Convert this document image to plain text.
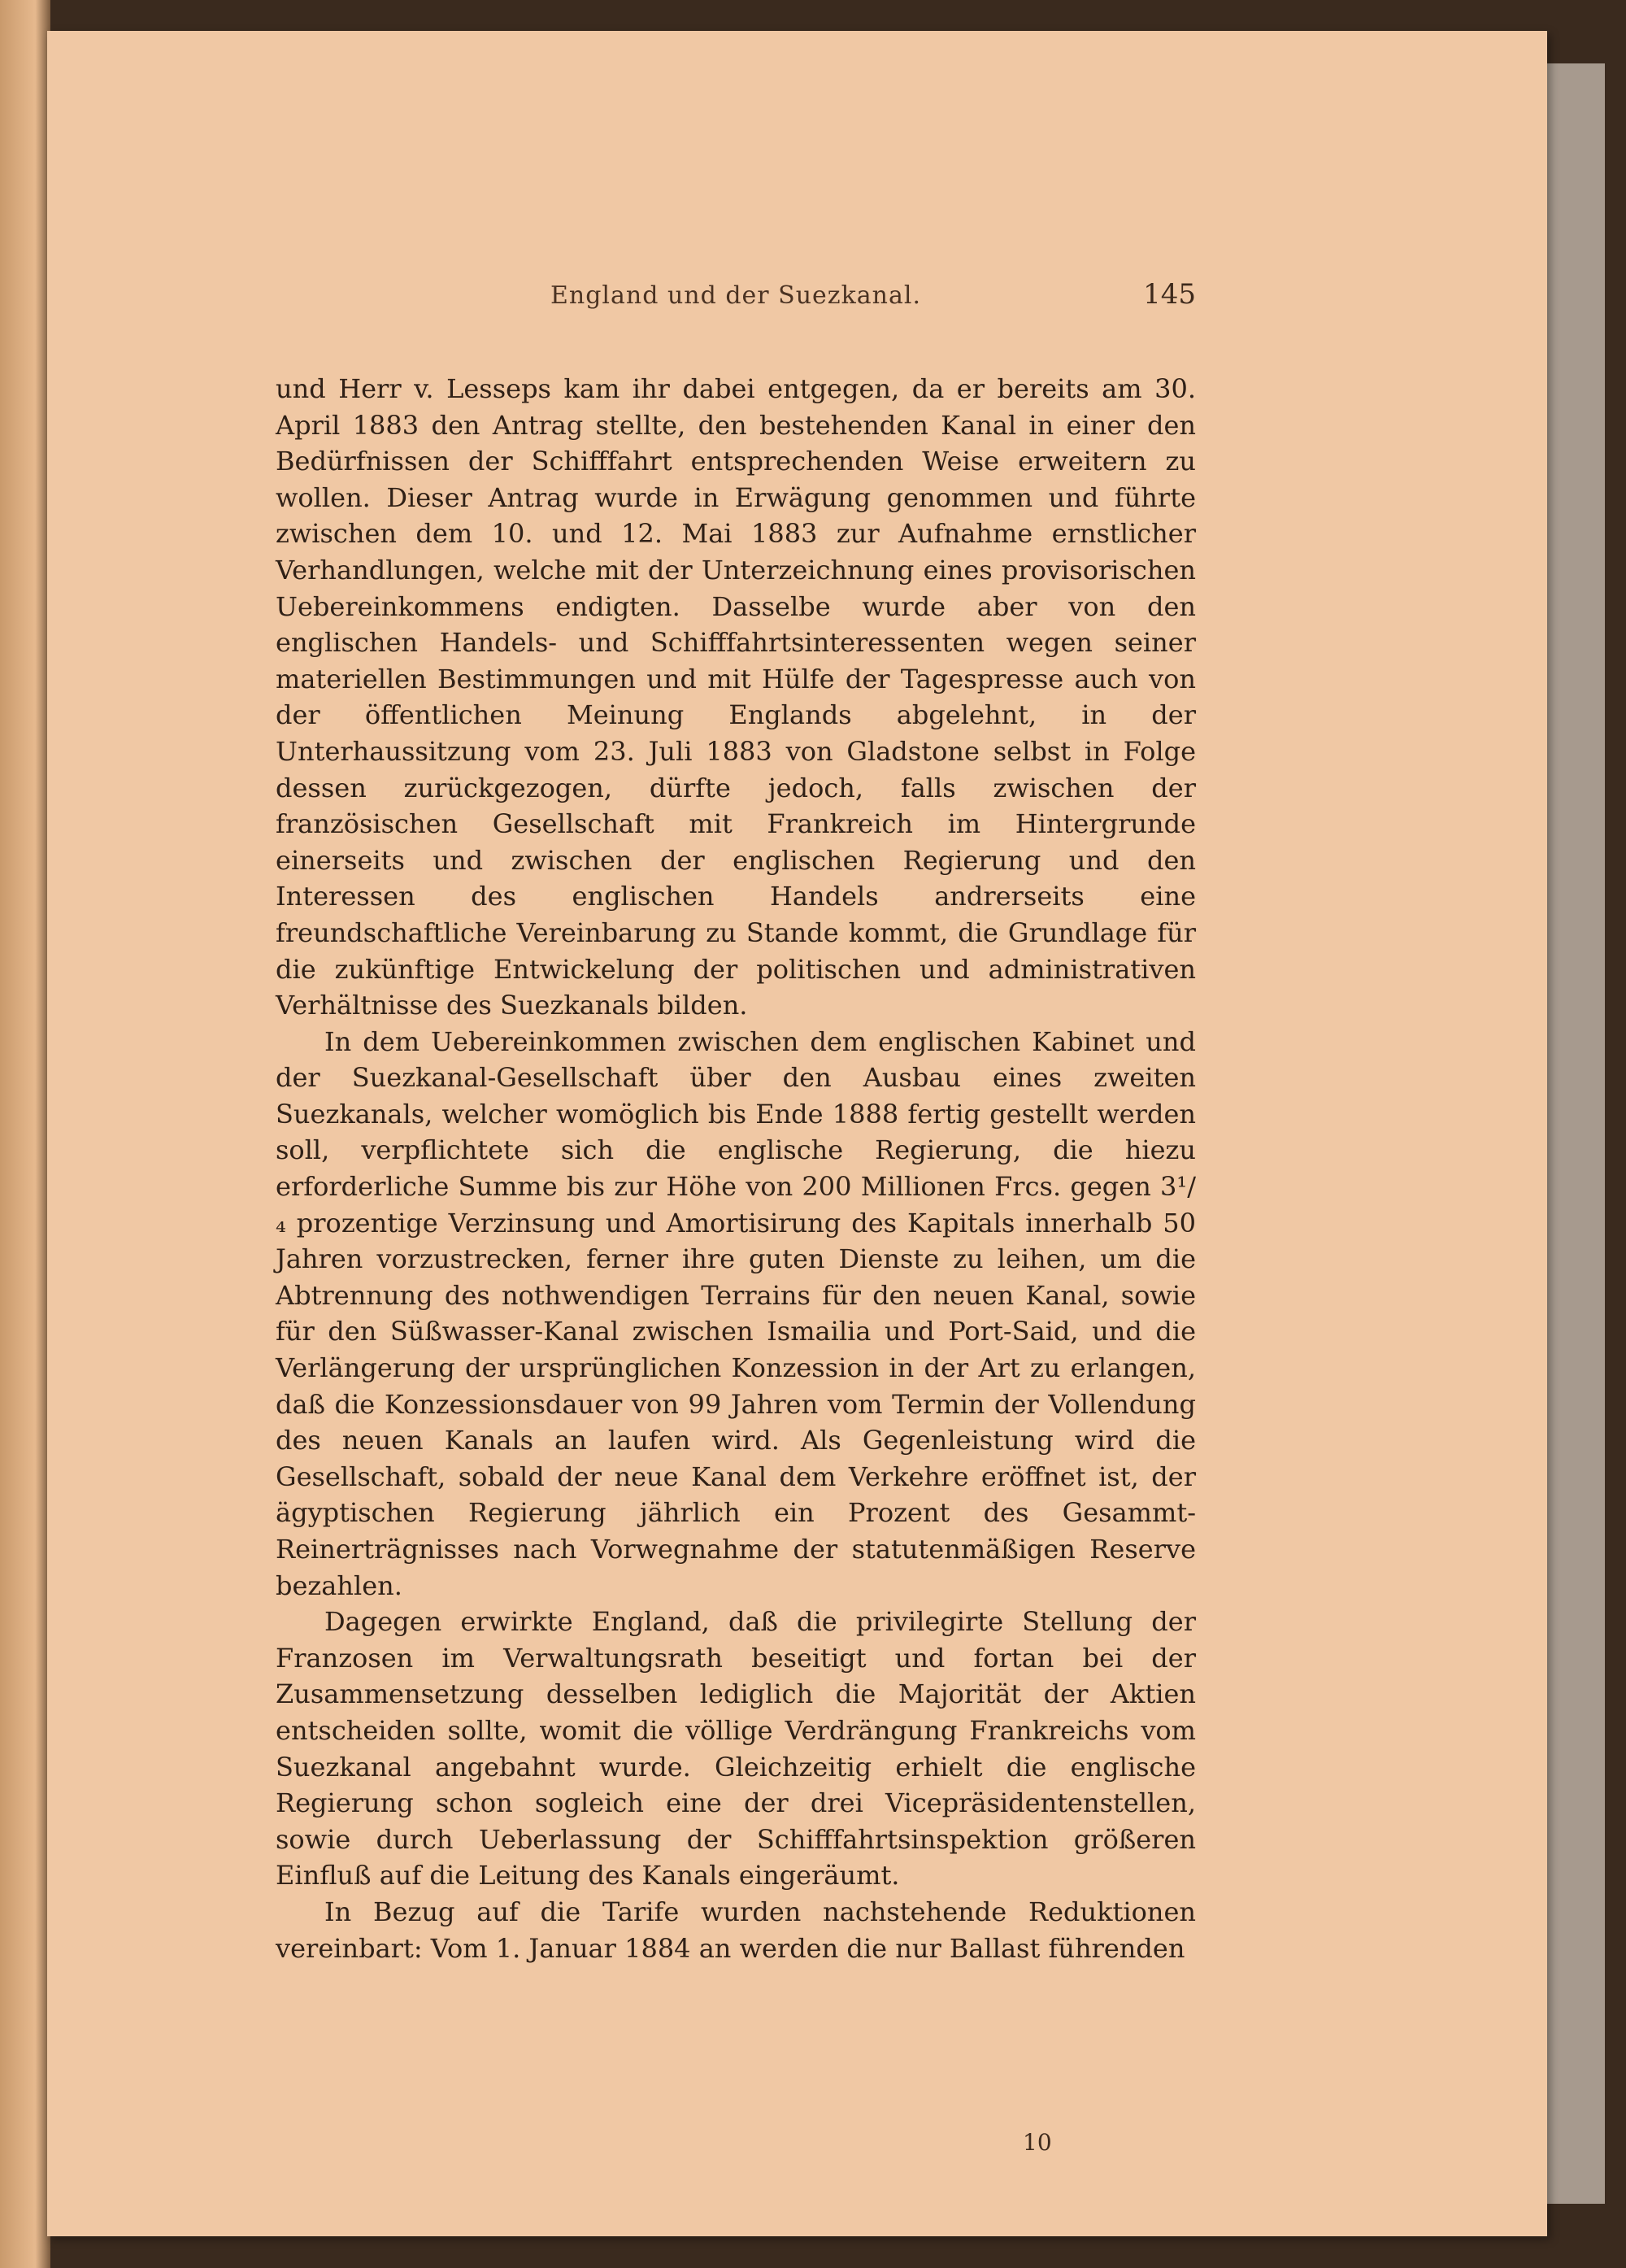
England und der Suezkanal.	145

und Herr v. Lesseps kam ihr dabei entgegen, da er bereits am 30. April 1883 den Antrag stellte, den bestehenden Kanal in einer den Bedürfnissen der Schifffahrt entsprechenden Weise erweitern zu wollen. Dieser Antrag wurde in Erwägung genommen und führte zwischen dem 10. und 12. Mai 1883 zur Aufnahme ernstlicher Verhandlungen, welche mit der Unterzeichnung eines provisorischen Uebereinkommens endigten. Dasselbe wurde aber von den englischen Handels- und Schifffahrtsinteressenten wegen seiner materiellen Bestimmungen und mit Hülfe der Tagespresse auch von der öffentlichen Meinung Englands abgelehnt, in der Unterhaussitzung vom 23. Juli 1883 von Gladstone selbst in Folge dessen zurückgezogen, dürfte jedoch, falls zwischen der französischen Gesellschaft mit Frankreich im Hintergrunde einerseits und zwischen der englischen Regierung und den Interessen des englischen Handels andrerseits eine freundschaftliche Vereinbarung zu Stande kommt, die Grundlage für die zukünftige Entwickelung der politischen und administrativen Verhältnisse des Suezkanals bilden.

In dem Uebereinkommen zwischen dem englischen Kabinet und der Suezkanal-Gesellschaft über den Ausbau eines zweiten Suezkanals, welcher womöglich bis Ende 1888 fertig gestellt werden soll, verpflichtete sich die englische Regierung, die hiezu erforderliche Summe bis zur Höhe von 200 Millionen Frcs. gegen 3¹/₄ prozentige Verzinsung und Amortisirung des Kapitals innerhalb 50 Jahren vorzustrecken, ferner ihre guten Dienste zu leihen, um die Abtrennung des nothwendigen Terrains für den neuen Kanal, sowie für den Süßwasser-Kanal zwischen Ismailia und Port-Said, und die Verlängerung der ursprünglichen Konzession in der Art zu erlangen, daß die Konzessionsdauer von 99 Jahren vom Termin der Vollendung des neuen Kanals an laufen wird. Als Gegenleistung wird die Gesellschaft, sobald der neue Kanal dem Verkehre eröffnet ist, der ägyptischen Regierung jährlich ein Prozent des Gesammt-Reinerträgnisses nach Vorwegnahme der statutenmäßigen Reserve bezahlen.

Dagegen erwirkte England, daß die privilegirte Stellung der Franzosen im Verwaltungsrath beseitigt und fortan bei der Zusammensetzung desselben lediglich die Majorität der Aktien entscheiden sollte, womit die völlige Verdrängung Frankreichs vom Suezkanal angebahnt wurde. Gleichzeitig erhielt die englische Regierung schon sogleich eine der drei Vicepräsidentenstellen, sowie durch Ueberlassung der Schifffahrtsinspektion größeren Einfluß auf die Leitung des Kanals eingeräumt.

In Bezug auf die Tarife wurden nachstehende Reduktionen vereinbart: Vom 1. Januar 1884 an werden die nur Ballast führenden

10
